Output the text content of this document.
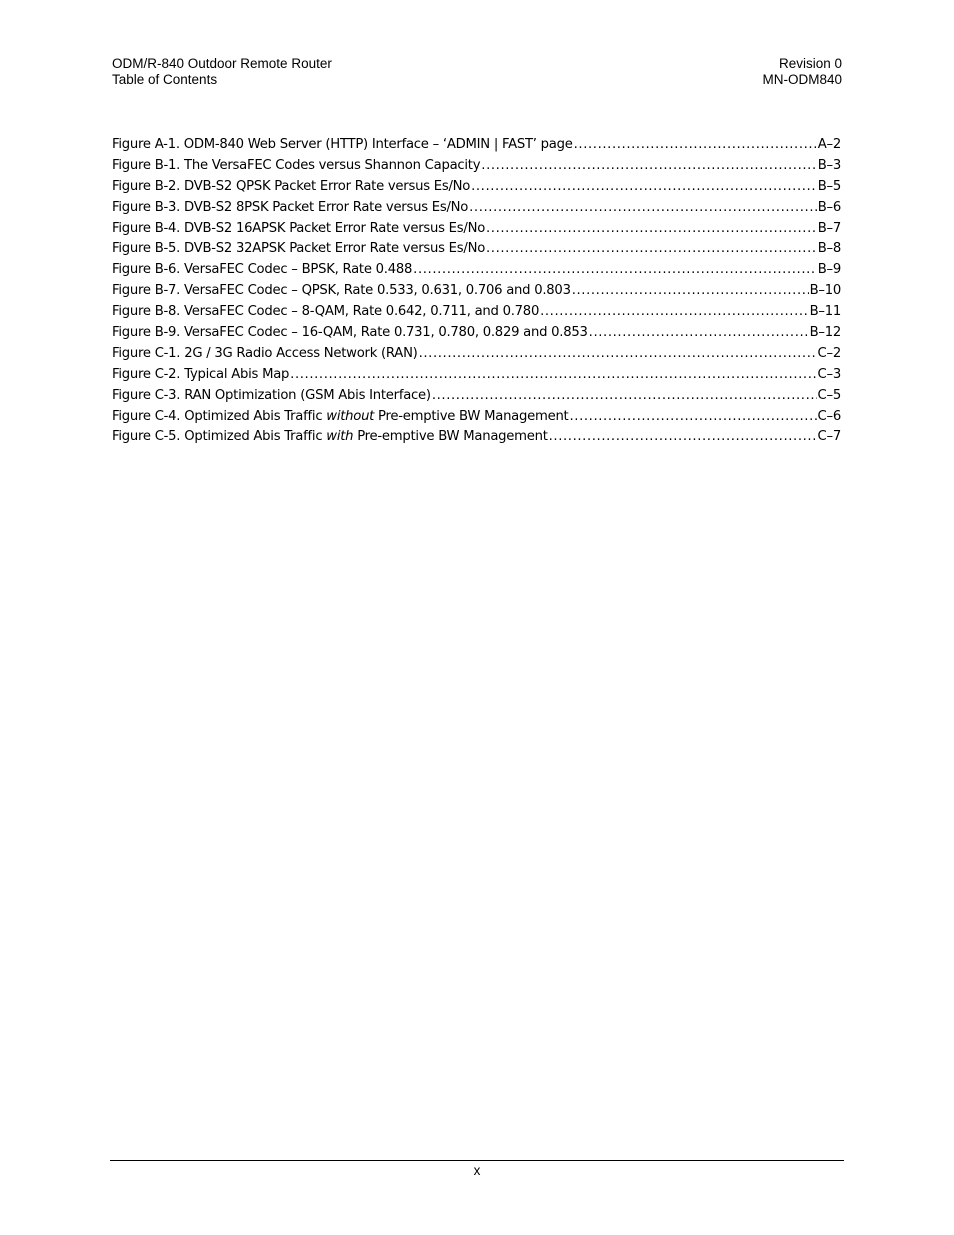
ODM/R-840 Outdoor Remote Router	Revision 0
Table of Contents	MN-ODM840
Figure A-1. ODM-840 Web Server (HTTP) Interface – ‘ADMIN | FAST’ page .....	A–2
Figure B-1. The VersaFEC Codes versus Shannon Capacity .....	B–3
Figure B-2. DVB-S2 QPSK Packet Error Rate versus Es/No .....	B–5
Figure B-3. DVB-S2 8PSK Packet Error Rate versus Es/No .....	B–6
Figure B-4. DVB-S2 16APSK Packet Error Rate versus Es/No .....	B–7
Figure B-5. DVB-S2 32APSK Packet Error Rate versus Es/No .....	B–8
Figure B-6. VersaFEC Codec – BPSK, Rate 0.488 .....	B–9
Figure B-7. VersaFEC Codec – QPSK, Rate 0.533, 0.631, 0.706 and 0.803 .....	B–10
Figure B-8. VersaFEC Codec – 8-QAM, Rate 0.642, 0.711, and 0.780 .....	B–11
Figure B-9. VersaFEC Codec – 16-QAM, Rate 0.731, 0.780, 0.829 and 0.853 .....	B–12
Figure C-1. 2G / 3G Radio Access Network (RAN) .....	C–2
Figure C-2. Typical Abis Map .....	C–3
Figure C-3. RAN Optimization (GSM Abis Interface) .....	C–5
Figure C-4. Optimized Abis Traffic without Pre-emptive BW Management .....	C–6
Figure C-5. Optimized Abis Traffic with Pre-emptive BW Management .....	C–7
x
